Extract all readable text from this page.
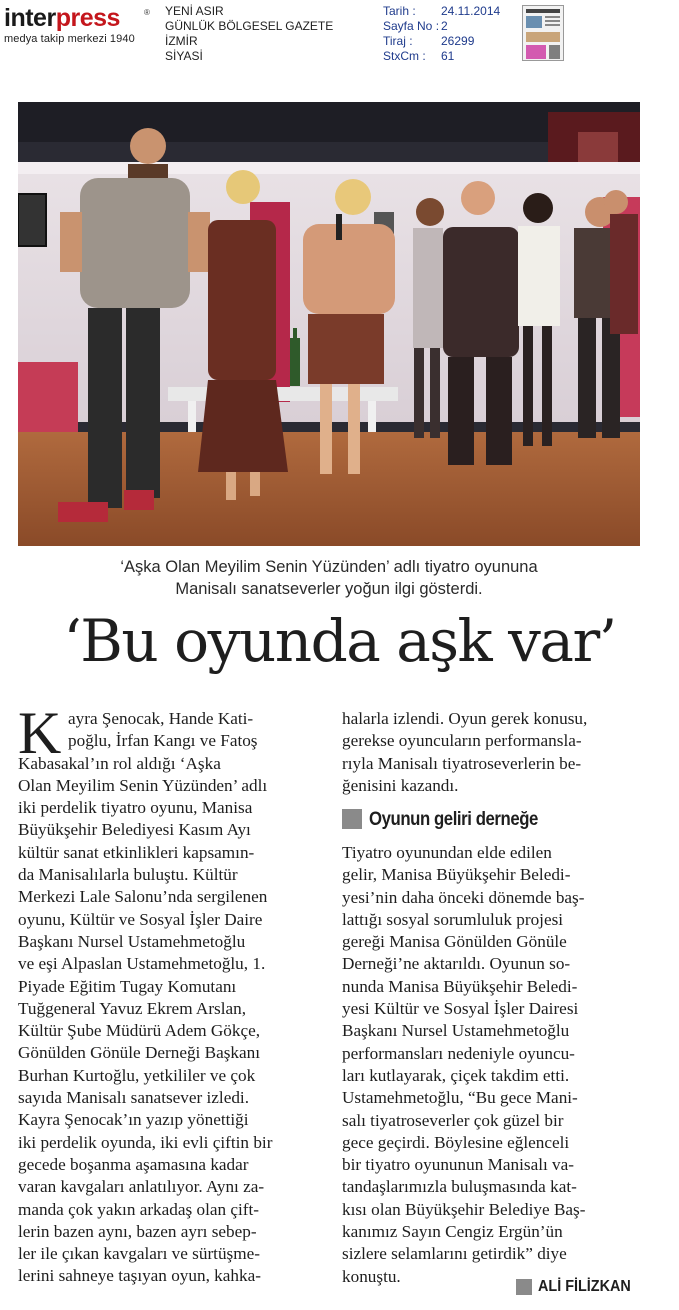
interpress	®
medya takip merkezi 1940
YENİ ASIR
GÜNLÜK BÖLGESEL GAZETE
İZMİR
SİYASİ
Tarih :	24.11.2014
Sayfa No : 2
Tiraj :	26299
StxCm :	61
‘Aşka Olan Meyilim Senin Yüzünden’ adlı tiyatro oyununa
Manisalı sanatseverler yoğun ilgi gösterdi.
‘Bu oyunda aşk var’
K ayra Şenocak, Hande Kati-
poğlu, İrfan Kangı ve Fatoş
Kabasakal’ın rol aldığı ‘Aşka
Olan Meyilim Senin Yüzünden’ adlı
iki perdelik tiyatro oyunu, Manisa
Büyükşehir Belediyesi Kasım Ayı
kültür sanat etkinlikleri kapsamın-
da Manisalılarla buluştu. Kültür
Merkezi Lale Salonu’nda sergilenen
oyunu, Kültür ve Sosyal İşler Daire
Başkanı Nursel Ustamehmetoğlu
ve eşi Alpaslan Ustamehmetoğlu, 1.
Piyade Eğitim Tugay Komutanı
Tuğgeneral Yavuz Ekrem Arslan,
Kültür Şube Müdürü Adem Gökçe,
Gönülden Gönüle Derneği Başkanı
Burhan Kurtoğlu, yetkililer ve çok
sayıda Manisalı sanatsever izledi.
Kayra Şenocak’ın yazıp yönettiği
iki perdelik oyunda, iki evli çiftin bir
gecede boşanma aşamasına kadar
varan kavgaları anlatılıyor. Aynı za-
manda çok yakın arkadaş olan çift-
lerin bazen aynı, bazen ayrı sebep-
ler ile çıkan kavgaları ve sürtüşme-
lerini sahneye taşıyan oyun, kahka-
halarla izlendi. Oyun gerek konusu,
gerekse oyuncuların performansla-
rıyla Manisalı tiyatroseverlerin be-
ğenisini kazandı.
Oyunun geliri derneğe
Tiyatro oyunundan elde edilen
gelir, Manisa Büyükşehir Beledi-
yesi’nin daha önceki dönemde baş-
lattığı sosyal sorumluluk projesi
gereği Manisa Gönülden Gönüle
Derneği’ne aktarıldı. Oyunun so-
nunda Manisa Büyükşehir Beledi-
yesi Kültür ve Sosyal İşler Dairesi
Başkanı Nursel Ustamehmetoğlu
performansları nedeniyle oyuncu-
ları kutlayarak, çiçek takdim etti.
Ustamehmetoğlu, “Bu gece Mani-
salı tiyatroseverler çok güzel bir
gece geçirdi. Böylesine eğlenceli
bir tiyatro oyununun Manisalı va-
tandaşlarımızla buluşmasında kat-
kısı olan Büyükşehir Belediye Baş-
kanımız Sayın Cengiz Ergün’ün
sizlere selamlarını getirdik” diye
konuştu.
ALİ FİLİZKAN
